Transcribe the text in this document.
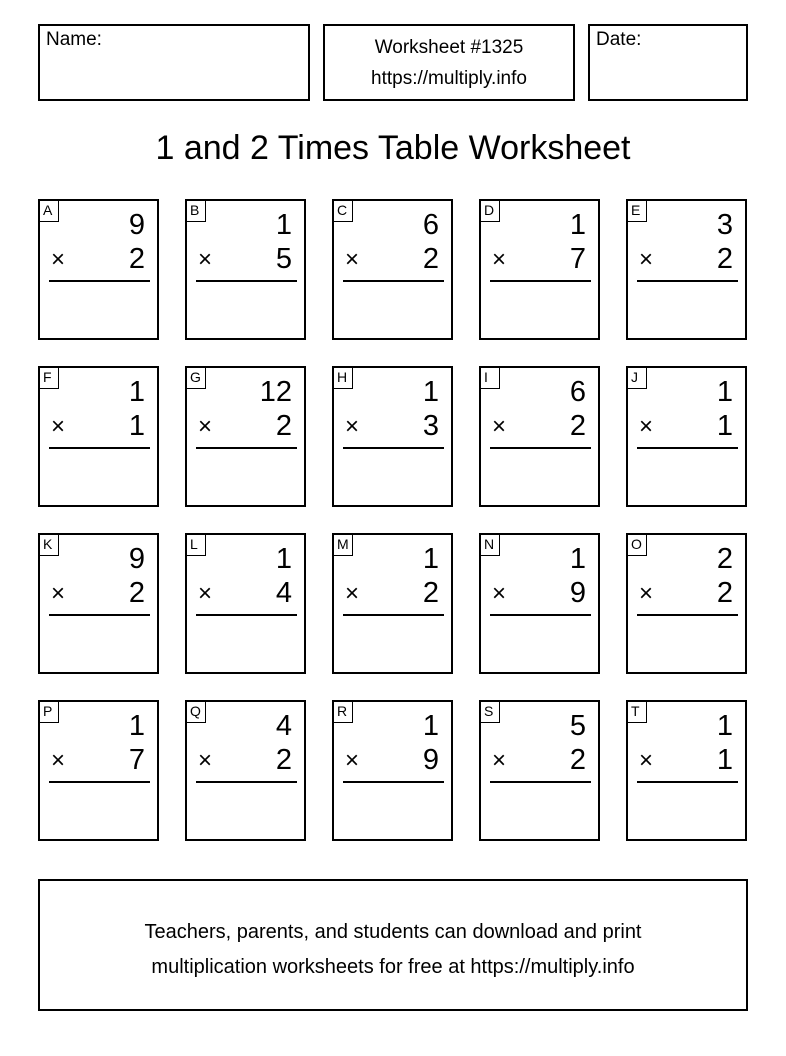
Name:	Worksheet #1325
https://multiply.info
Date:
1 and 2 Times Table Worksheet
A	9
× 2
B	1
× 5
C	6
× 2
D	1
× 7
E	3
× 2
F	1
× 1
G 12
× 2
H	1
× 3
I	6
× 2
J	1
× 1
K	9
× 2
L	1
× 4
M	1
× 2
N	1
× 9
O	2
× 2
P	1
× 7
Q	4
× 2
R	1
× 9
S	5
× 2
T	1
× 1
Teachers, parents, and students can download and print
multiplication worksheets for free at https://multiply.info
